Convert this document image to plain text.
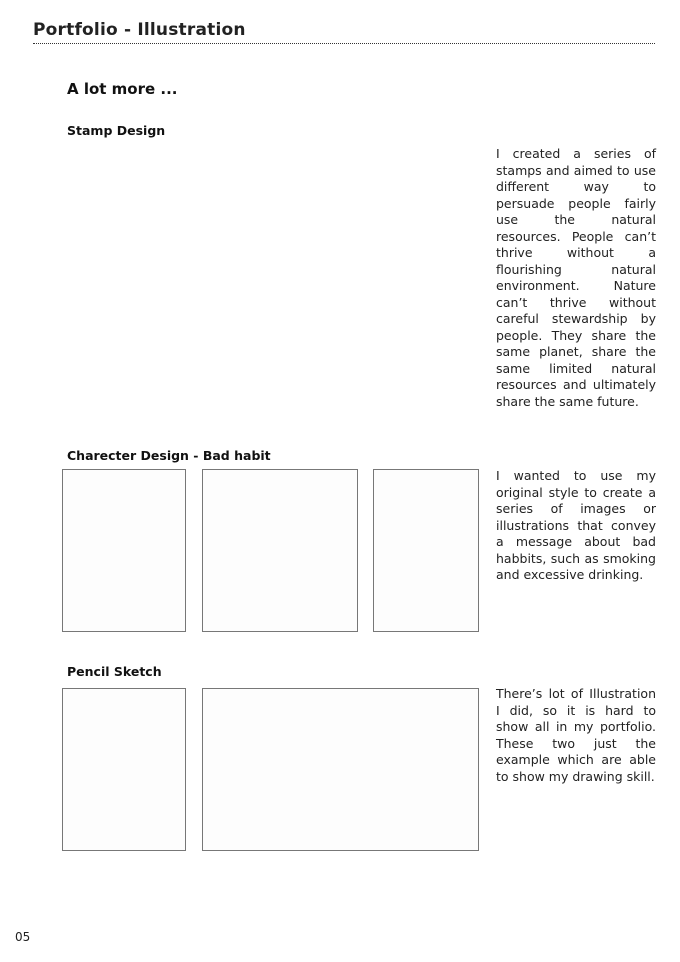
Portfolio - Illustration
A lot more ...
Stamp Design
I created a series of stamps and aimed to use different way to persuade people fairly use the natural resources. People can’t thrive without a flourishing natural environment. Nature can’t thrive without careful stewardship by people. They share the same planet, share the same limited natural resources and ultimately share the same future.
Charecter Design - Bad habit
I wanted to use my original style to create a series of images or illustrations that convey a message about bad habbits, such as smoking and excessive drinking.
Pencil Sketch
There’s lot of Illustration I did, so it is hard to show all in my portfolio. These two just the example which are able to show my drawing skill.
05
